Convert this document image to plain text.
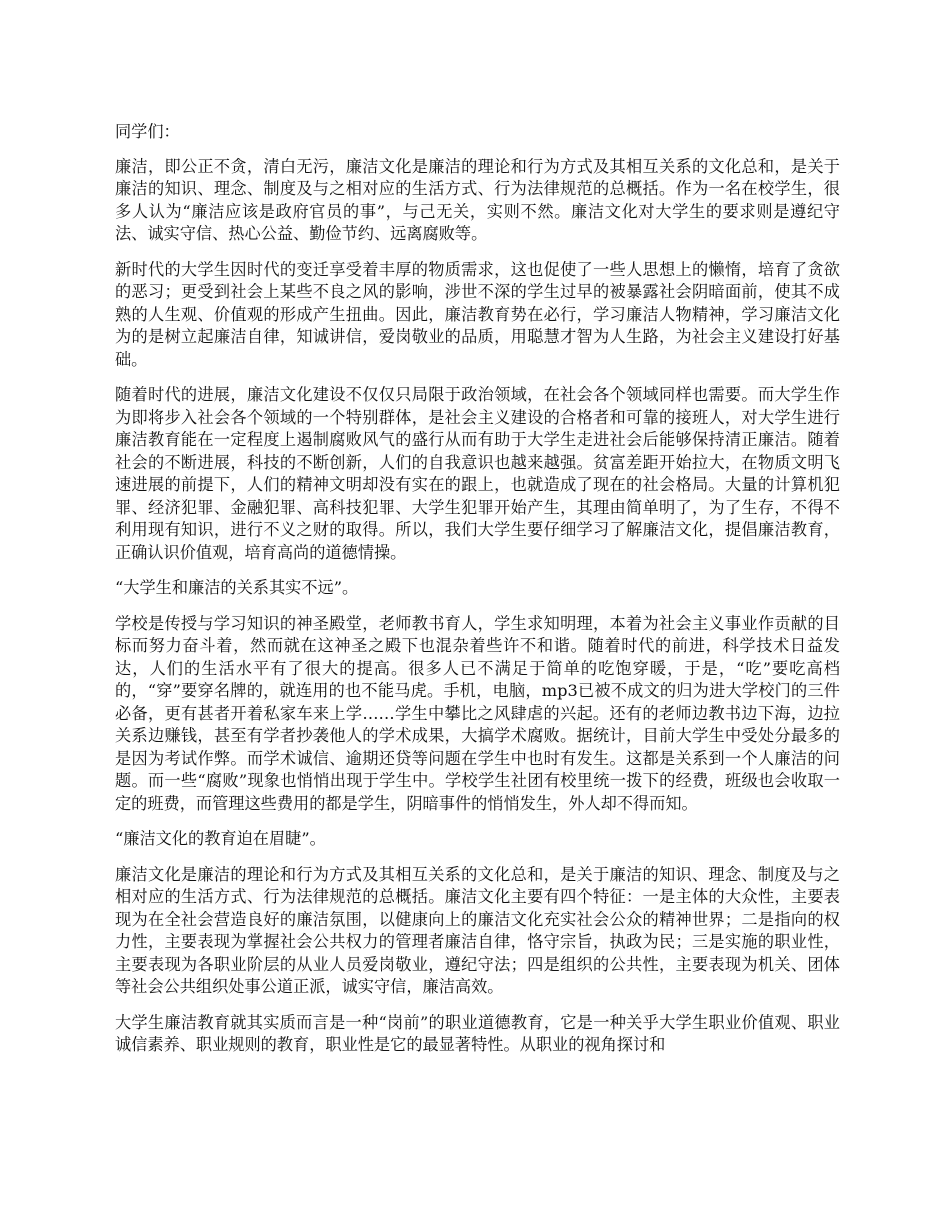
同学们：

廉洁，即公正不贪，清白无污，廉洁文化是廉洁的理论和行为方式及其相互关系的文化总和，是关于廉洁的知识、理念、制度及与之相对应的生活方式、行为法律规范的总概括。作为一名在校学生，很多人认为“廉洁应该是政府官员的事”，与己无关，实则不然。廉洁文化对大学生的要求则是遵纪守法、诚实守信、热心公益、勤俭节约、远离腐败等。

新时代的大学生因时代的变迁享受着丰厚的物质需求，这也促使了一些人思想上的懒惰，培育了贪欲的恶习；更受到社会上某些不良之风的影响，涉世不深的学生过早的被暴露社会阴暗面前，使其不成熟的人生观、价值观的形成产生扭曲。因此，廉洁教育势在必行，学习廉洁人物精神，学习廉洁文化为的是树立起廉洁自律，知诚讲信，爱岗敬业的品质，用聪慧才智为人生路，为社会主义建设打好基础。

随着时代的进展，廉洁文化建设不仅仅只局限于政治领域，在社会各个领域同样也需要。而大学生作为即将步入社会各个领域的一个特别群体，是社会主义建设的合格者和可靠的接班人，对大学生进行廉洁教育能在一定程度上遏制腐败风气的盛行从而有助于大学生走进社会后能够保持清正廉洁。随着社会的不断进展，科技的不断创新，人们的自我意识也越来越强。贫富差距开始拉大，在物质文明飞速进展的前提下，人们的精神文明却没有实在的跟上，也就造成了现在的社会格局。大量的计算机犯罪、经济犯罪、金融犯罪、高科技犯罪、大学生犯罪开始产生，其理由简单明了，为了生存，不得不利用现有知识，进行不义之财的取得。所以，我们大学生要仔细学习了解廉洁文化，提倡廉洁教育，正确认识价值观，培育高尚的道德情操。

“大学生和廉洁的关系其实不远”。

学校是传授与学习知识的神圣殿堂，老师教书育人，学生求知明理，本着为社会主义事业作贡献的目标而努力奋斗着，然而就在这神圣之殿下也混杂着些许不和谐。随着时代的前进，科学技术日益发达，人们的生活水平有了很大的提高。很多人已不满足于简单的吃饱穿暖，于是，“吃”要吃高档的，“穿”要穿名牌的，就连用的也不能马虎。手机，电脑，mp3已被不成文的归为进大学校门的三件必备，更有甚者开着私家车来上学……学生中攀比之风肆虐的兴起。还有的老师边教书边下海，边拉关系边赚钱，甚至有学者抄袭他人的学术成果，大搞学术腐败。据统计，目前大学生中受处分最多的是因为考试作弊。而学术诚信、逾期还贷等问题在学生中也时有发生。这都是关系到一个人廉洁的问题。而一些“腐败”现象也悄悄出现于学生中。学校学生社团有校里统一拨下的经费，班级也会收取一定的班费，而管理这些费用的都是学生，阴暗事件的悄悄发生，外人却不得而知。

“廉洁文化的教育迫在眉睫”。

廉洁文化是廉洁的理论和行为方式及其相互关系的文化总和，是关于廉洁的知识、理念、制度及与之相对应的生活方式、行为法律规范的总概括。廉洁文化主要有四个特征：一是主体的大众性，主要表现为在全社会营造良好的廉洁氛围，以健康向上的廉洁文化充实社会公众的精神世界；二是指向的权力性，主要表现为掌握社会公共权力的管理者廉洁自律，恪守宗旨，执政为民；三是实施的职业性，主要表现为各职业阶层的从业人员爱岗敬业，遵纪守法；四是组织的公共性，主要表现为机关、团体等社会公共组织处事公道正派，诚实守信，廉洁高效。

大学生廉洁教育就其实质而言是一种“岗前”的职业道德教育，它是一种关乎大学生职业价值观、职业诚信素养、职业规则的教育，职业性是它的最显著特性。从职业的视角探讨和
